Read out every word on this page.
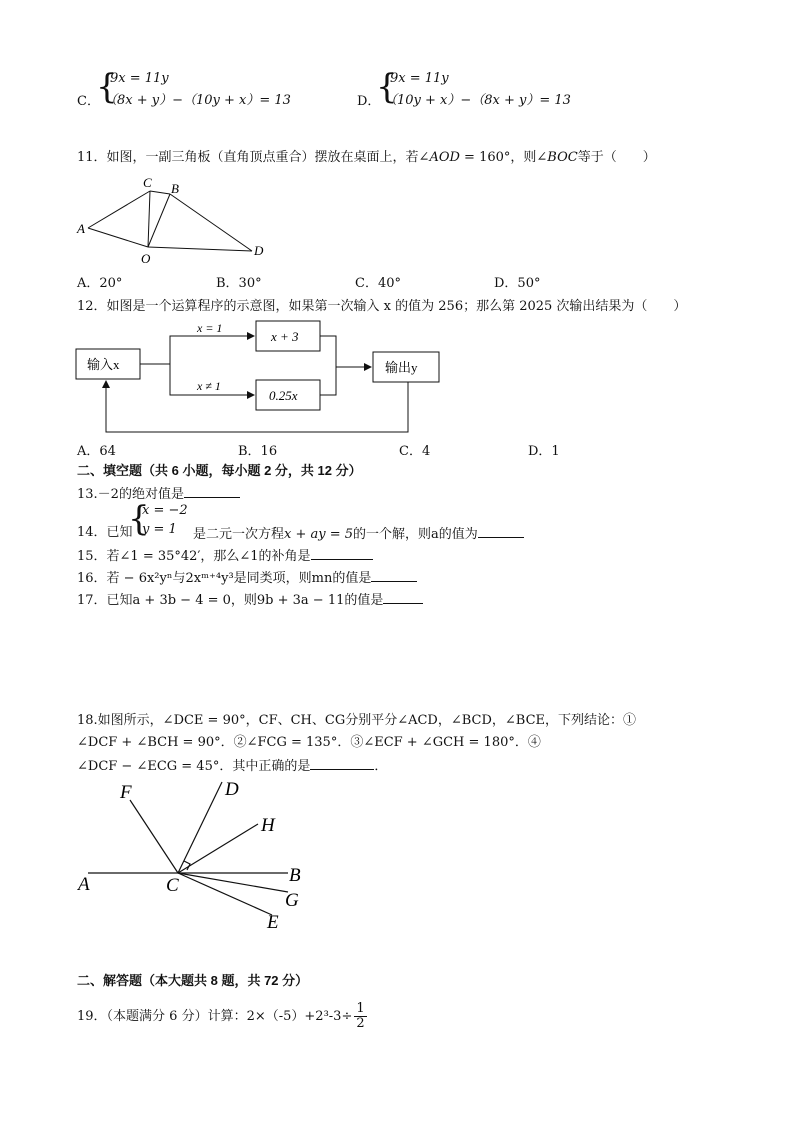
C．
{
9x = 11y
（8x + y）−（10y + x）= 13	D．
{
9x = 11y
（10y + x）−（8x + y）= 13
11．如图，一副三角板（直角顶点重合）摆放在桌面上，若∠AOD = 160°，则∠BOC等于（　　）
A
C B
D
O
A．20°	B．30°	C．40°	D．50°
12．如图是一个运算程序的示意图，如果第一次输入 x 的值为 256；那么第 2025 次输出结果为（　　）
输入x
x = 1
x + 3
x ≠ 1
0.25x
输出y
A．64	B．16	C．4	D．1
二、填空题（共 6 小题，每小题 2 分，共 12 分）
13.－2的绝对值是
14．已知
{
x = −2
y = 1 是二元一次方程x + ay = 5的一个解，则a的值为
15．若∠1 = 35°42′，那么∠1的补角是
16．若 − 6x²yⁿ与2xᵐ⁺⁴y³是同类项，则mn的值是
17．已知a + 3b − 4 = 0，则9b + 3a − 11的值是
18.如图所示，∠DCE = 90°，CF、CH、CG分别平分∠ACD，∠BCD，∠BCE，下列结论：①
∠DCF + ∠BCH = 90°．②∠FCG = 135°．③∠ECF + ∠GCH = 180°．④
∠DCF − ∠ECG = 45°．其中正确的是	．
A	C	B
F	D
H
G
E
二、解答题（本大题共 8 题，共 72 分）
19．（本题满分 6 分）计算：$2\times(-5)+2^3-3\div \frac{1}{2}$
